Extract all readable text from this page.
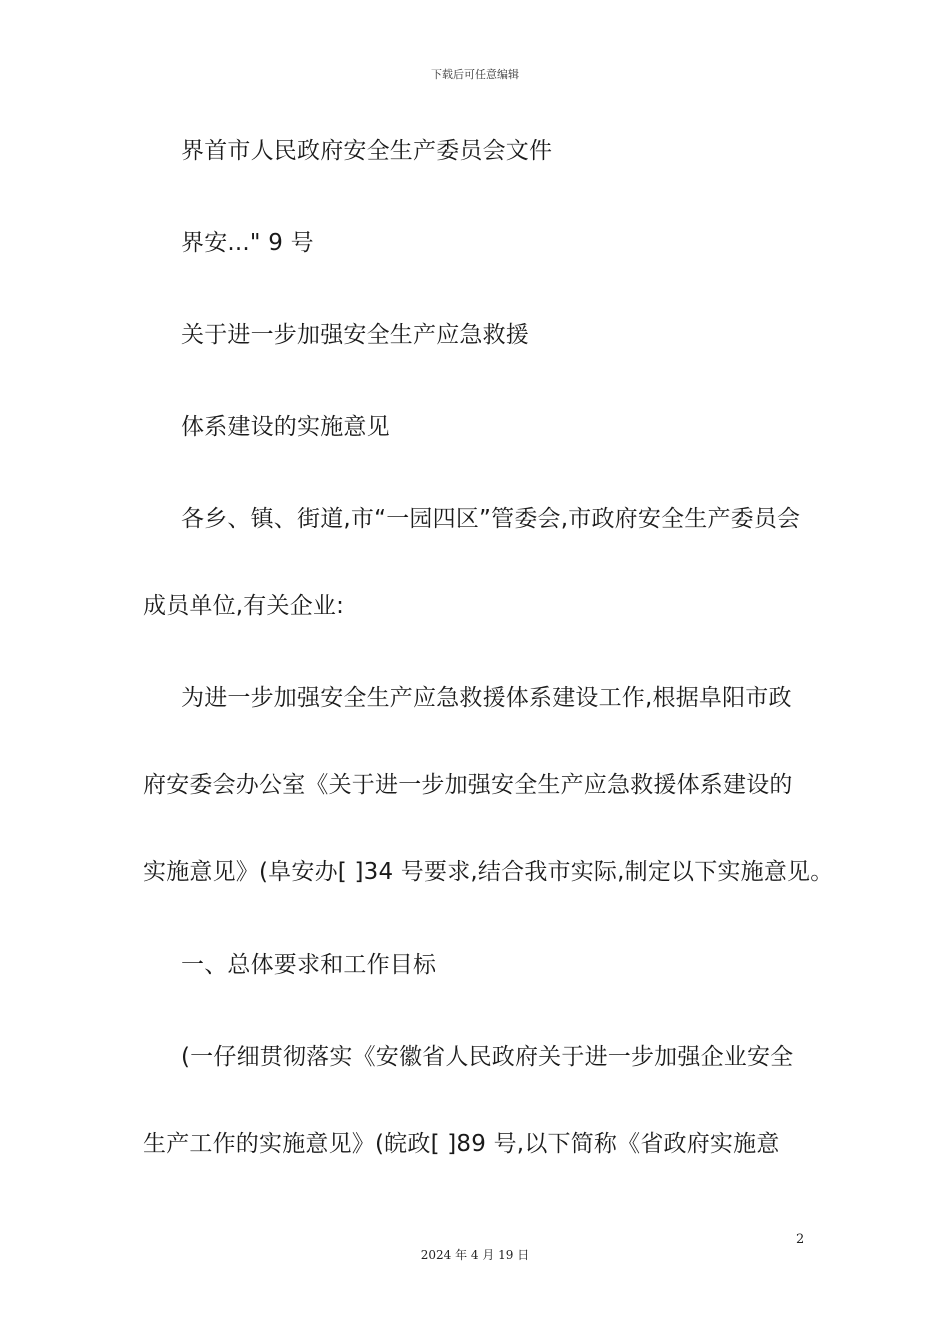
下载后可任意编辑
界首市人民政府安全生产委员会文件
界安..." 9 号
关于进一步加强安全生产应急救援
体系建设的实施意见
各乡、镇、街道,市“一园四区”管委会,市政府安全生产委员会
成员单位,有关企业:
为进一步加强安全生产应急救援体系建设工作,根据阜阳市政
府安委会办公室《关于进一步加强安全生产应急救援体系建设的
实施意见》(阜安办[ ]34 号要求,结合我市实际,制定以下实施意见。
一、总体要求和工作目标
(一仔细贯彻落实《安徽省人民政府关于进一步加强企业安全
生产工作的实施意见》(皖政[ ]89 号,以下简称《省政府实施意
2
2024 年 4 月 19 日
